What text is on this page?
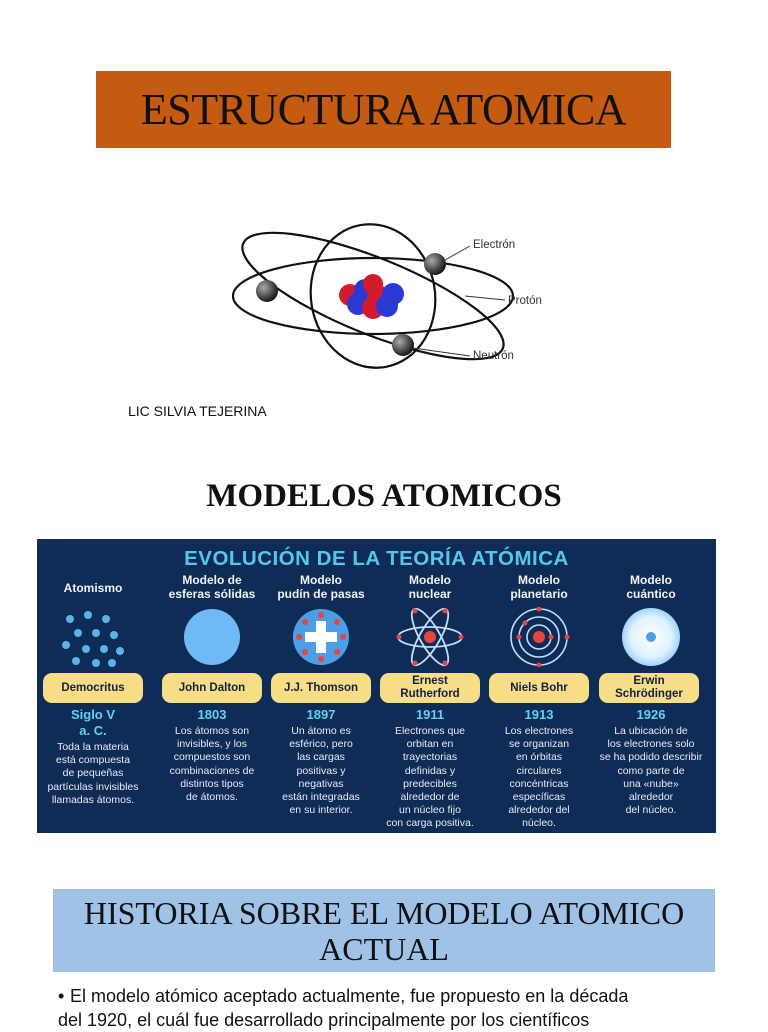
ESTRUCTURA ATOMICA
Electrón
Protón
Neutrón
LIC SILVIA TEJERINA
MODELOS ATOMICOS
EVOLUCIÓN DE LA TEORÍA ATÓMICA
Atomismo
Democritus
Siglo V
a. C.
Toda la materia
está compuesta
de pequeñas
partículas invisibles
llamadas átomos.
Modelo de
esferas sólidas
John Dalton
1803
Los átomos son
invisibles, y los
compuestos son
combinaciones de
distintos tipos
de átomos.
Modelo
pudín de pasas
J.J. Thomson
1897
Un átomo es
esférico, pero
las cargas
positivas y
negativas
están integradas
en su interior.
Modelo
nuclear
Ernest
Rutherford
1911
Electrones que
orbitan en
trayectorias
definidas y
predecibles
alrededor de
un núcleo fijo
con carga positiva.
Modelo
planetario
Niels Bohr
1913
Los electrones
se organizan
en órbitas
circulares
concéntricas
específicas
alrededor del
núcleo.
Modelo
cuántico
Erwin
Schrödinger
1926
La ubicación de
los electrones solo
se ha podido describir
como parte de
una «nube»
alrededor
del núcleo.
HISTORIA SOBRE EL MODELO ATOMICO ACTUAL
• El modelo atómico aceptado actualmente, fue propuesto en la década
del 1920, el cuál fue desarrollado principalmente por los científicos
